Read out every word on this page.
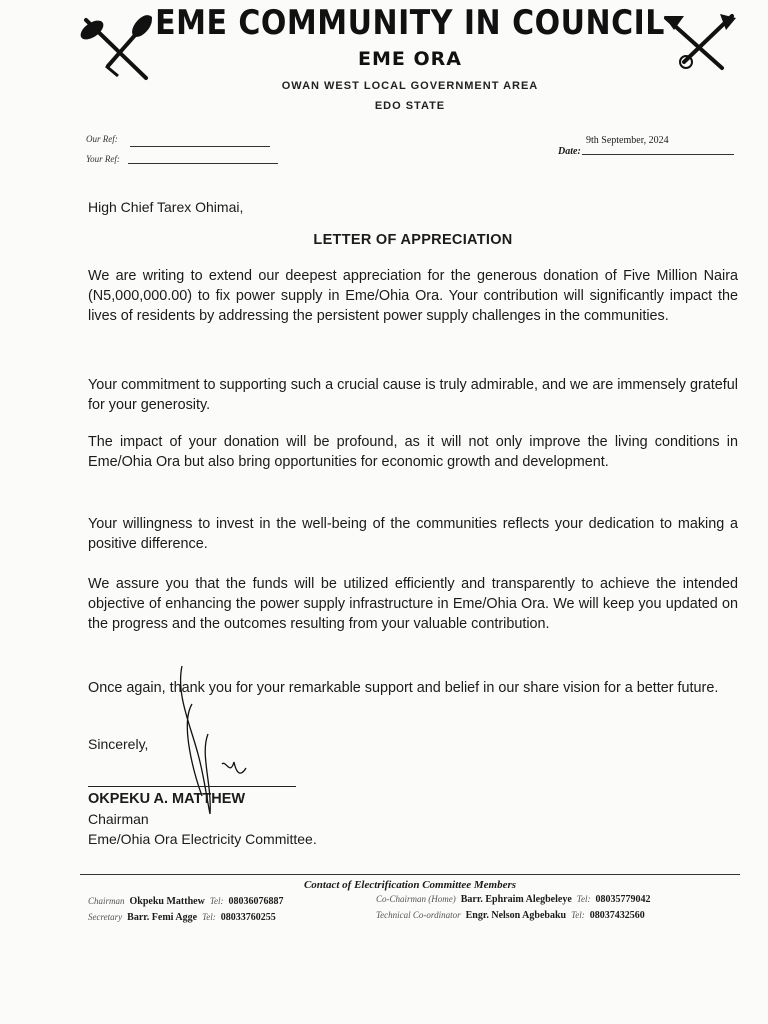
EME COMMUNITY IN COUNCIL
EME ORA
OWAN WEST LOCAL GOVERNMENT AREA
EDO STATE
Our Ref:
Your Ref:
9th September, 2024
Date:
High Chief Tarex Ohimai,
LETTER OF APPRECIATION

We are writing to extend our deepest appreciation for the generous donation of Five Million Naira (N5,000,000.00) to fix power supply in Eme/Ohia Ora. Your contribution will significantly impact the lives of residents by addressing the persistent power supply challenges in the communities.

Your commitment to supporting such a crucial cause is truly admirable, and we are immensely grateful for your generosity.

The impact of your donation will be profound, as it will not only improve the living conditions in Eme/Ohia Ora but also bring opportunities for economic growth and development.

Your willingness to invest in the well-being of the communities reflects your dedication to making a positive difference.

We assure you that the funds will be utilized efficiently and transparently to achieve the intended objective of enhancing the power supply infrastructure in Eme/Ohia Ora. We will keep you updated on the progress and the outcomes resulting from your valuable contribution.

Once again, thank you for your remarkable support and belief in our share vision for a better future.

Sincerely,
OKPEKU A. MATTHEW
Chairman
Eme/Ohia Ora Electricity Committee.
Contact of Electrification Committee Members
Chairman Okpeku Matthew Tel: 08036076887
Secretary Barr. Femi Agge Tel: 08033760255
Co-Chairman (Home) Barr. Ephraim Alegbeleye Tel: 08035779042
Technical Co-ordinator Engr. Nelson Agbebaku Tel: 08037432560
